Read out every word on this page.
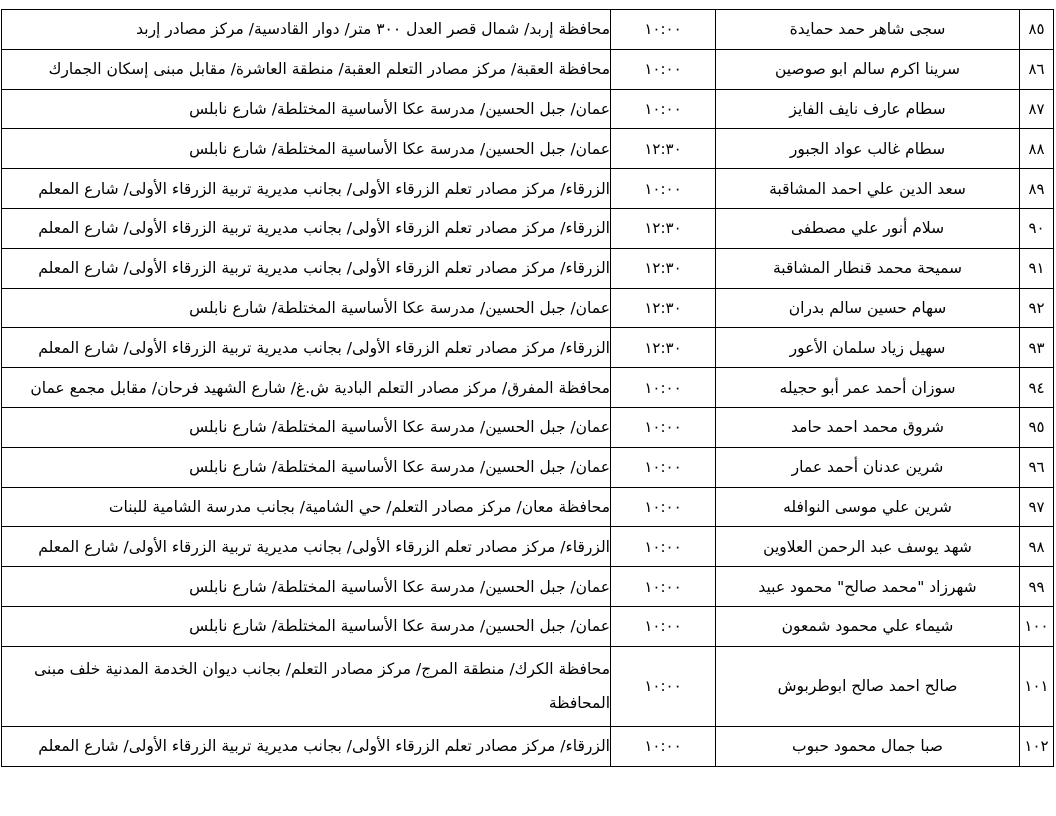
٨٥	سجى شاهر حمد حمايدة	١٠:٠٠	محافظة إربد/ شمال قصر العدل ٣٠٠ متر/ دوار القادسية/ مركز مصادر إربد
٨٦	سرينا اكرم سالم ابو صوصين	١٠:٠٠	محافظة العقبة/ مركز مصادر التعلم العقبة/ منطقة العاشرة/ مقابل مبنى إسكان الجمارك
٨٧	سطام عارف نايف الفايز	١٠:٠٠	عمان/ جبل الحسين/ مدرسة عكا الأساسية المختلطة/ شارع نابلس
٨٨	سطام غالب عواد الجبور	١٢:٣٠	عمان/ جبل الحسين/ مدرسة عكا الأساسية المختلطة/ شارع نابلس
٨٩	سعد الدين علي احمد المشاقبة	١٠:٠٠	الزرقاء/ مركز مصادر تعلم الزرقاء الأولى/ بجانب مديرية تربية الزرقاء الأولى/ شارع المعلم
٩٠	سلام أنور علي مصطفى	١٢:٣٠	الزرقاء/ مركز مصادر تعلم الزرقاء الأولى/ بجانب مديرية تربية الزرقاء الأولى/ شارع المعلم
٩١	سميحة محمد قنطار المشاقبة	١٢:٣٠	الزرقاء/ مركز مصادر تعلم الزرقاء الأولى/ بجانب مديرية تربية الزرقاء الأولى/ شارع المعلم
٩٢	سهام حسين سالم بدران	١٢:٣٠	عمان/ جبل الحسين/ مدرسة عكا الأساسية المختلطة/ شارع نابلس
٩٣	سهيل زياد سلمان الأعور	١٢:٣٠	الزرقاء/ مركز مصادر تعلم الزرقاء الأولى/ بجانب مديرية تربية الزرقاء الأولى/ شارع المعلم
٩٤	سوزان أحمد عمر أبو حجيله	١٠:٠٠	محافظة المفرق/ مركز مصادر التعلم البادية ش.غ/ شارع الشهيد فرحان/ مقابل مجمع عمان
٩٥	شروق محمد احمد حامد	١٠:٠٠	عمان/ جبل الحسين/ مدرسة عكا الأساسية المختلطة/ شارع نابلس
٩٦	شرين عدنان أحمد عمار	١٠:٠٠	عمان/ جبل الحسين/ مدرسة عكا الأساسية المختلطة/ شارع نابلس
٩٧	شرين علي موسى النوافله	١٠:٠٠	محافظة معان/ مركز مصادر التعلم/ حي الشامية/ بجانب مدرسة الشامية للبنات
٩٨	شهد يوسف عبد الرحمن العلاوين	١٠:٠٠	الزرقاء/ مركز مصادر تعلم الزرقاء الأولى/ بجانب مديرية تربية الزرقاء الأولى/ شارع المعلم
٩٩	شهرزاد "محمد صالح" محمود عبيد	١٠:٠٠	عمان/ جبل الحسين/ مدرسة عكا الأساسية المختلطة/ شارع نابلس
١٠٠	شيماء علي محمود شمعون	١٠:٠٠	عمان/ جبل الحسين/ مدرسة عكا الأساسية المختلطة/ شارع نابلس
١٠١	صالح احمد صالح ابوطربوش	١٠:٠٠	محافظة الكرك/ منطقة المرج/ مركز مصادر التعلم/ بجانب ديوان الخدمة المدنية خلف مبنى المحافظة
١٠٢	صبا جمال محمود حبوب	١٠:٠٠	الزرقاء/ مركز مصادر تعلم الزرقاء الأولى/ بجانب مديرية تربية الزرقاء الأولى/ شارع المعلم
